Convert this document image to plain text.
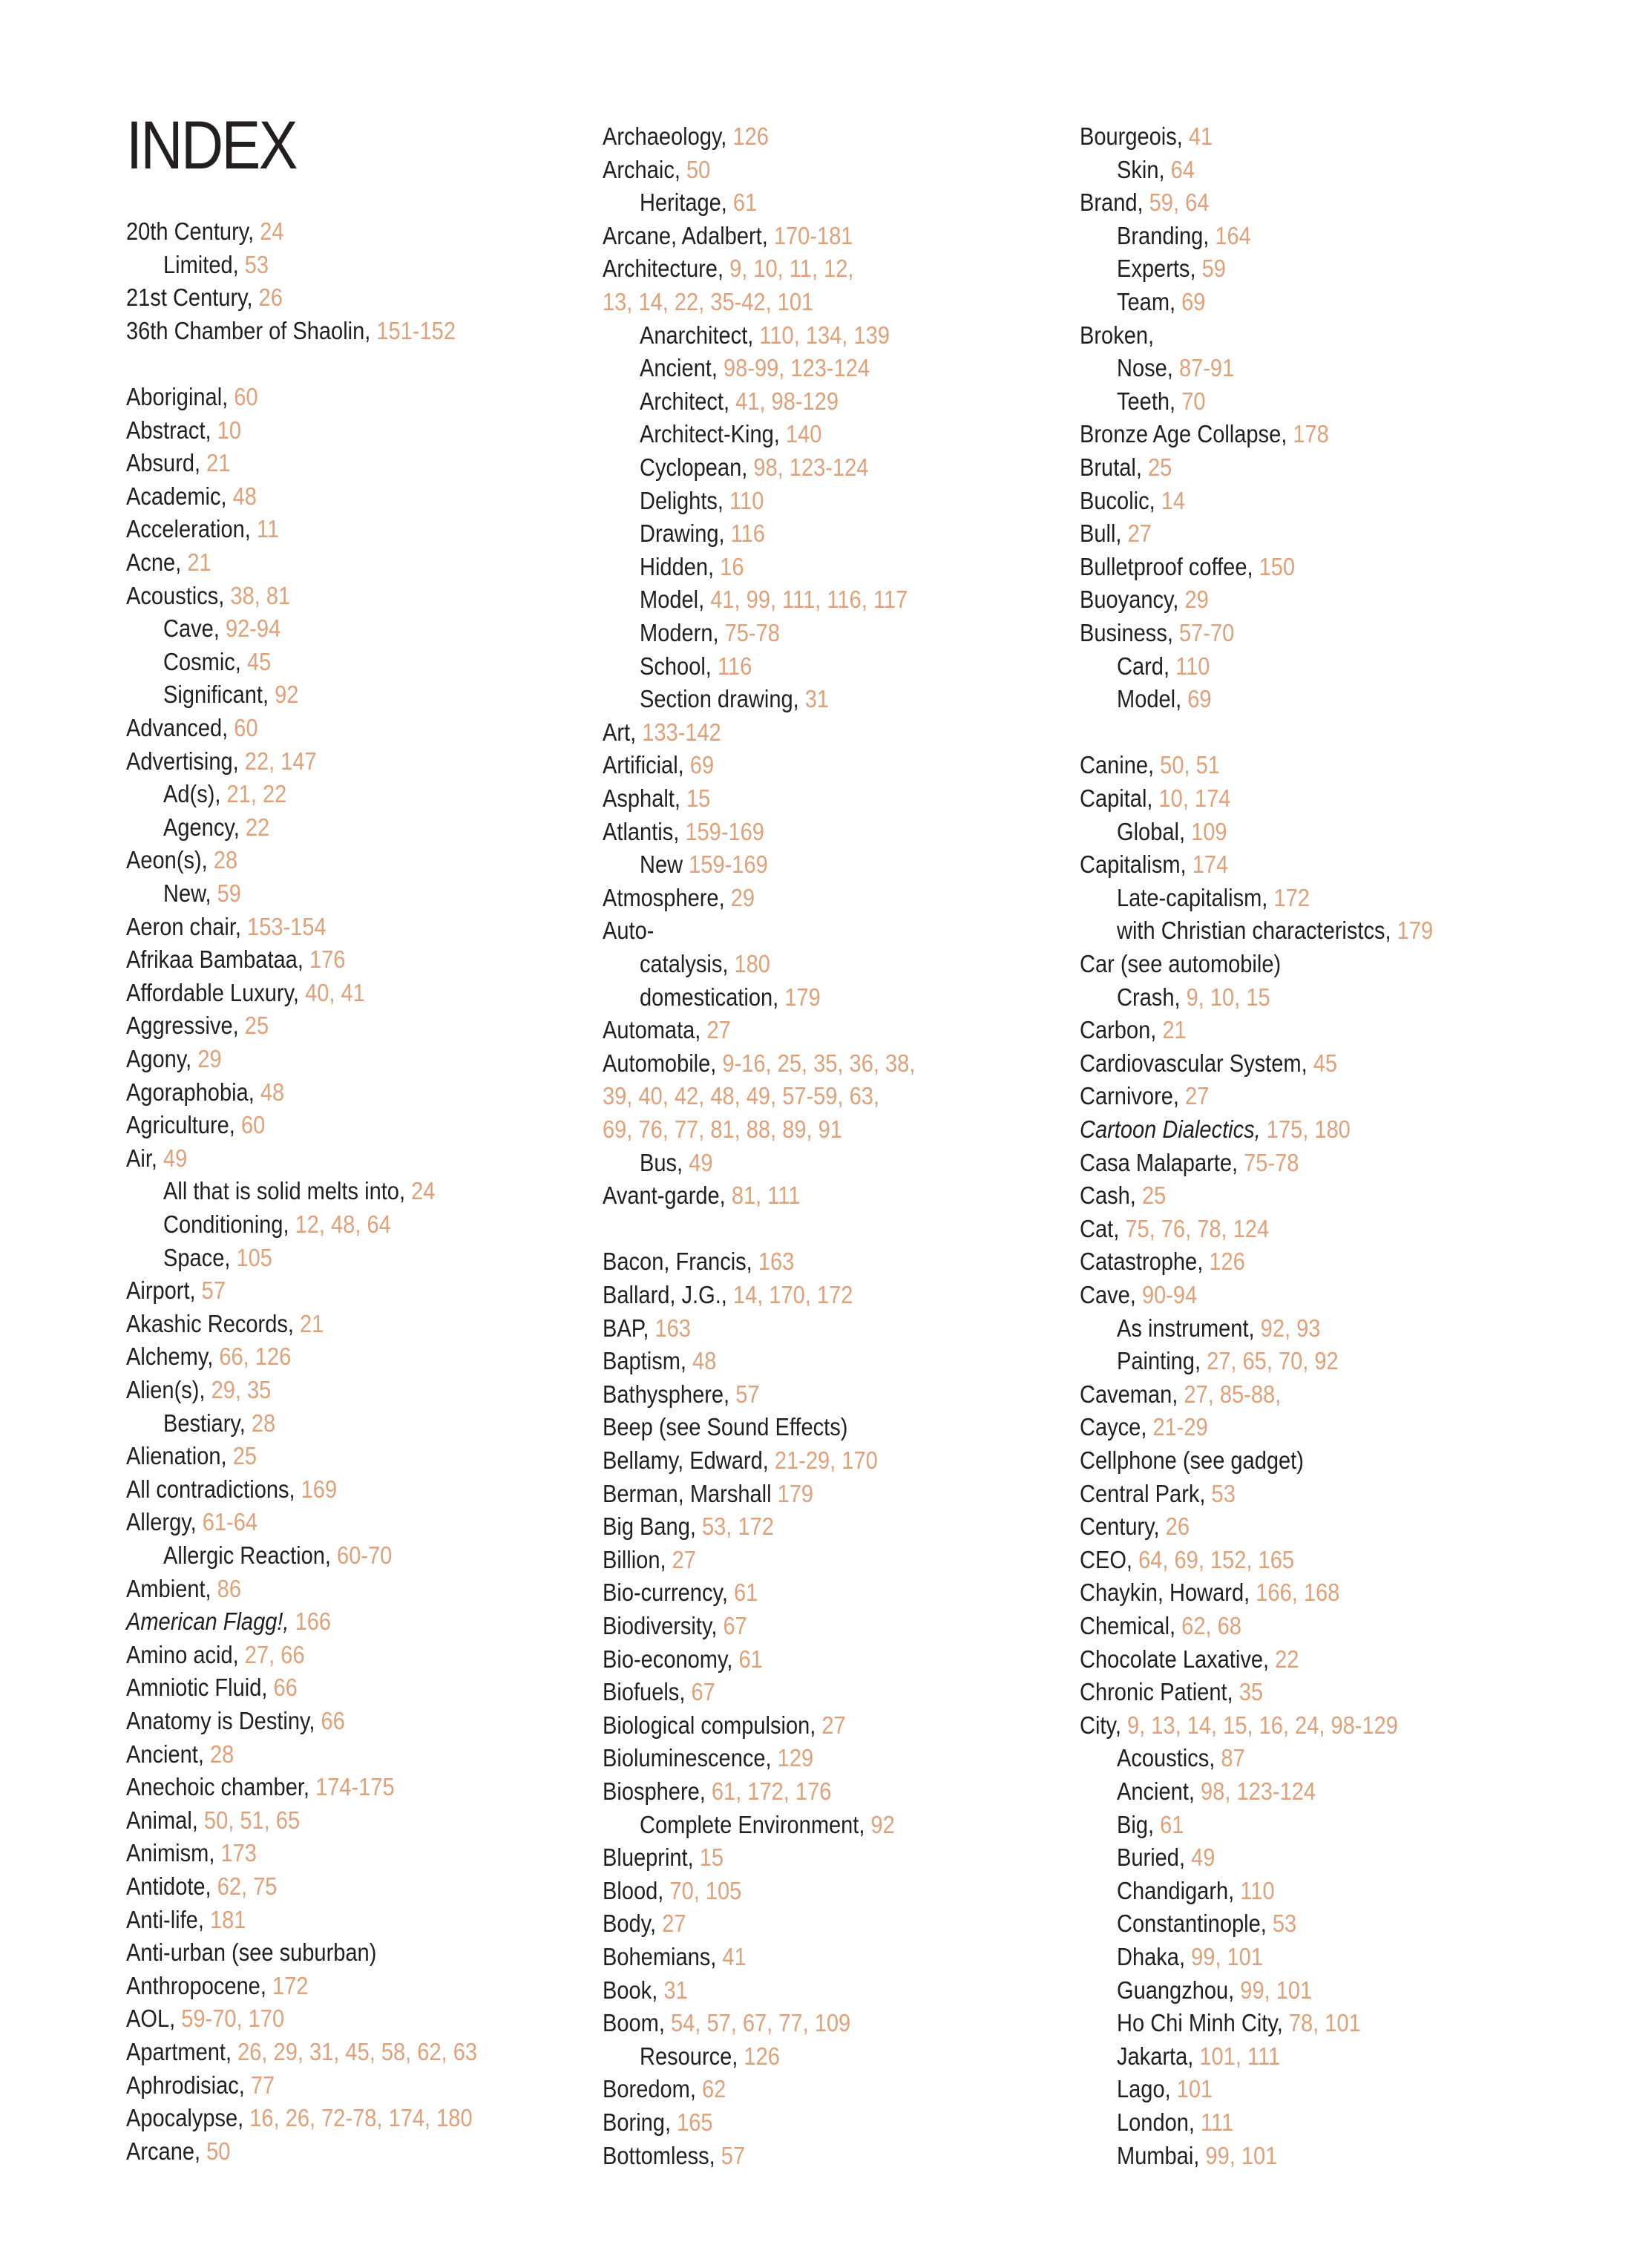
INDEX
20th Century, 24
Limited, 53
21st Century, 26
36th Chamber of Shaolin, 151-152
Aboriginal, 60
Abstract, 10
Absurd, 21
Academic, 48
Acceleration, 11
Acne, 21
Acoustics, 38, 81
Cave, 92-94
Cosmic, 45
Significant, 92
Advanced, 60
Advertising, 22, 147
Ad(s), 21, 22
Agency, 22
Aeon(s), 28
New, 59
Aeron chair, 153-154
Afrikaa Bambataa, 176
Affordable Luxury, 40, 41
Aggressive, 25
Agony, 29
Agoraphobia, 48
Agriculture, 60
Air, 49
All that is solid melts into, 24
Conditioning, 12, 48, 64
Space, 105
Airport, 57
Akashic Records, 21
Alchemy, 66, 126
Alien(s), 29, 35
Bestiary, 28
Alienation, 25
All contradictions, 169
Allergy, 61-64
Allergic Reaction, 60-70
Ambient, 86
American Flagg!, 166
Amino acid, 27, 66
Amniotic Fluid, 66
Anatomy is Destiny, 66
Ancient, 28
Anechoic chamber, 174-175
Animal, 50, 51, 65
Animism, 173
Antidote, 62, 75
Anti-life, 181
Anti-urban (see suburban)
Anthropocene, 172
AOL, 59-70, 170
Apartment, 26, 29, 31, 45, 58, 62, 63
Aphrodisiac, 77
Apocalypse, 16, 26, 72-78, 174, 180
Arcane, 50
Archaeology, 126
Archaic, 50
Heritage, 61
Arcane, Adalbert, 170-181
Architecture, 9, 10, 11, 12,
13, 14, 22, 35-42, 101
Anarchitect, 110, 134, 139
Ancient, 98-99, 123-124
Architect, 41, 98-129
Architect-King, 140
Cyclopean, 98, 123-124
Delights, 110
Drawing, 116
Hidden, 16
Model, 41, 99, 111, 116, 117
Modern, 75-78
School, 116
Section drawing, 31
Art, 133-142
Artificial, 69
Asphalt, 15
Atlantis, 159-169
New 159-169
Atmosphere, 29
Auto-
catalysis, 180
domestication, 179
Automata, 27
Automobile, 9-16, 25, 35, 36, 38,
39, 40, 42, 48, 49, 57-59, 63,
69, 76, 77, 81, 88, 89, 91
Bus, 49
Avant-garde, 81, 111
Bacon, Francis, 163
Ballard, J.G., 14, 170, 172
BAP, 163
Baptism, 48
Bathysphere, 57
Beep (see Sound Effects)
Bellamy, Edward, 21-29, 170
Berman, Marshall 179
Big Bang, 53, 172
Billion, 27
Bio-currency, 61
Biodiversity, 67
Bio-economy, 61
Biofuels, 67
Biological compulsion, 27
Bioluminescence, 129
Biosphere, 61, 172, 176
Complete Environment, 92
Blueprint, 15
Blood, 70, 105
Body, 27
Bohemians, 41
Book, 31
Boom, 54, 57, 67, 77, 109
Resource, 126
Boredom, 62
Boring, 165
Bottomless, 57
Bourgeois, 41
Skin, 64
Brand, 59, 64
Branding, 164
Experts, 59
Team, 69
Broken,
Nose, 87-91
Teeth, 70
Bronze Age Collapse, 178
Brutal, 25
Bucolic, 14
Bull, 27
Bulletproof coffee, 150
Buoyancy, 29
Business, 57-70
Card, 110
Model, 69
Canine, 50, 51
Capital, 10, 174
Global, 109
Capitalism, 174
Late-capitalism, 172
with Christian characteristcs, 179
Car (see automobile)
Crash, 9, 10, 15
Carbon, 21
Cardiovascular System, 45
Carnivore, 27
Cartoon Dialectics, 175, 180
Casa Malaparte, 75-78
Cash, 25
Cat, 75, 76, 78, 124
Catastrophe, 126
Cave, 90-94
As instrument, 92, 93
Painting, 27, 65, 70, 92
Caveman, 27, 85-88,
Cayce, 21-29
Cellphone (see gadget)
Central Park, 53
Century, 26
CEO, 64, 69, 152, 165
Chaykin, Howard, 166, 168
Chemical, 62, 68
Chocolate Laxative, 22
Chronic Patient, 35
City, 9, 13, 14, 15, 16, 24, 98-129
Acoustics, 87
Ancient, 98, 123-124
Big, 61
Buried, 49
Chandigarh, 110
Constantinople, 53
Dhaka, 99, 101
Guangzhou, 99, 101
Ho Chi Minh City, 78, 101
Jakarta, 101, 111
Lago, 101
London, 111
Mumbai, 99, 101
